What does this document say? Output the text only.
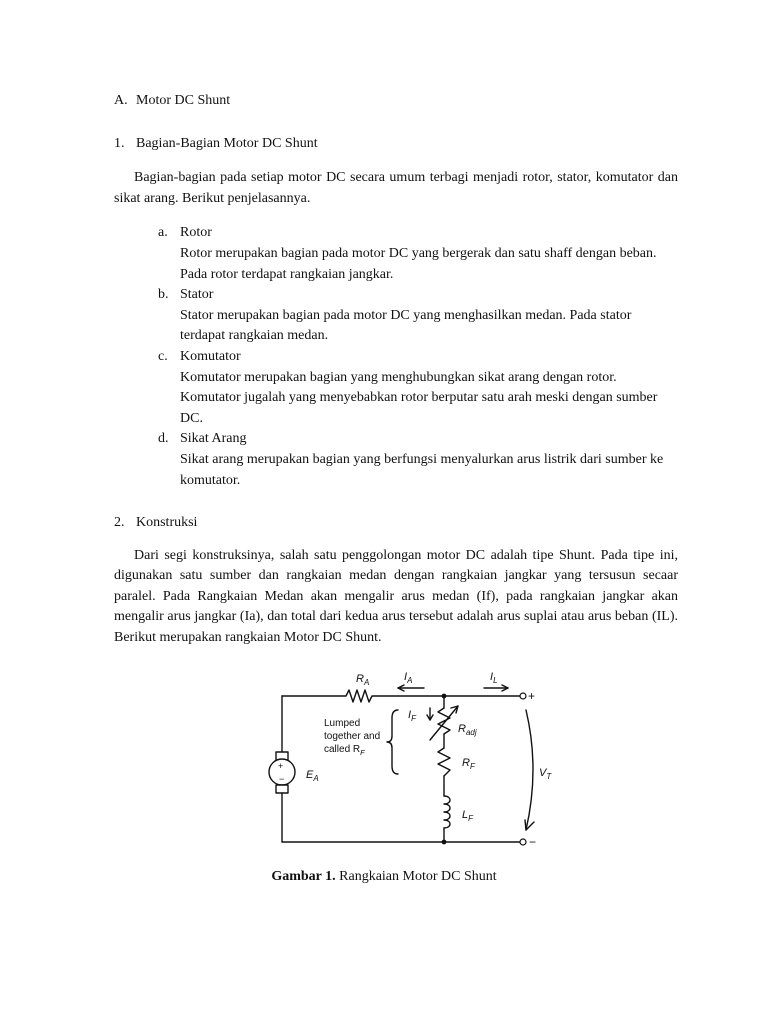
A. Motor DC Shunt

1. Bagian-Bagian Motor DC Shunt

Bagian-bagian pada setiap motor DC secara umum terbagi menjadi rotor, stator, komutator dan sikat arang. Berikut penjelasannya.

a. Rotor
Rotor merupakan bagian pada motor DC yang bergerak dan satu shaff dengan beban. Pada rotor terdapat rangkaian jangkar.
b. Stator
Stator merupakan bagian pada motor DC yang menghasilkan medan. Pada stator terdapat rangkaian medan.
c. Komutator
Komutator merupakan bagian yang menghubungkan sikat arang dengan rotor. Komutator jugalah yang menyebabkan rotor berputar satu arah meski dengan sumber DC.
d. Sikat Arang
Sikat arang merupakan bagian yang berfungsi menyalurkan arus listrik dari sumber ke komutator.

2. Konstruksi

Dari segi konstruksinya, salah satu penggolongan motor DC adalah tipe Shunt. Pada tipe ini, digunakan satu sumber dan rangkaian medan dengan rangkaian jangkar yang tersusun secaar paralel. Pada Rangkaian Medan akan mengalir arus medan (If), pada rangkaian jangkar akan mengalir arus jangkar (Ia), dan total dari kedua arus tersebut adalah arus suplai atau arus beban (IL). Berikut merupakan rangkaian Motor DC Shunt.

$R_A$	$I_A$	$I_L$
$I_F$
$R_{adj}$
$R_F$
$L_F$
$E_A$	$V_T$
+
−
+
−
Lumped
together and
called $R_F$
Gambar 1. Rangkaian Motor DC Shunt
